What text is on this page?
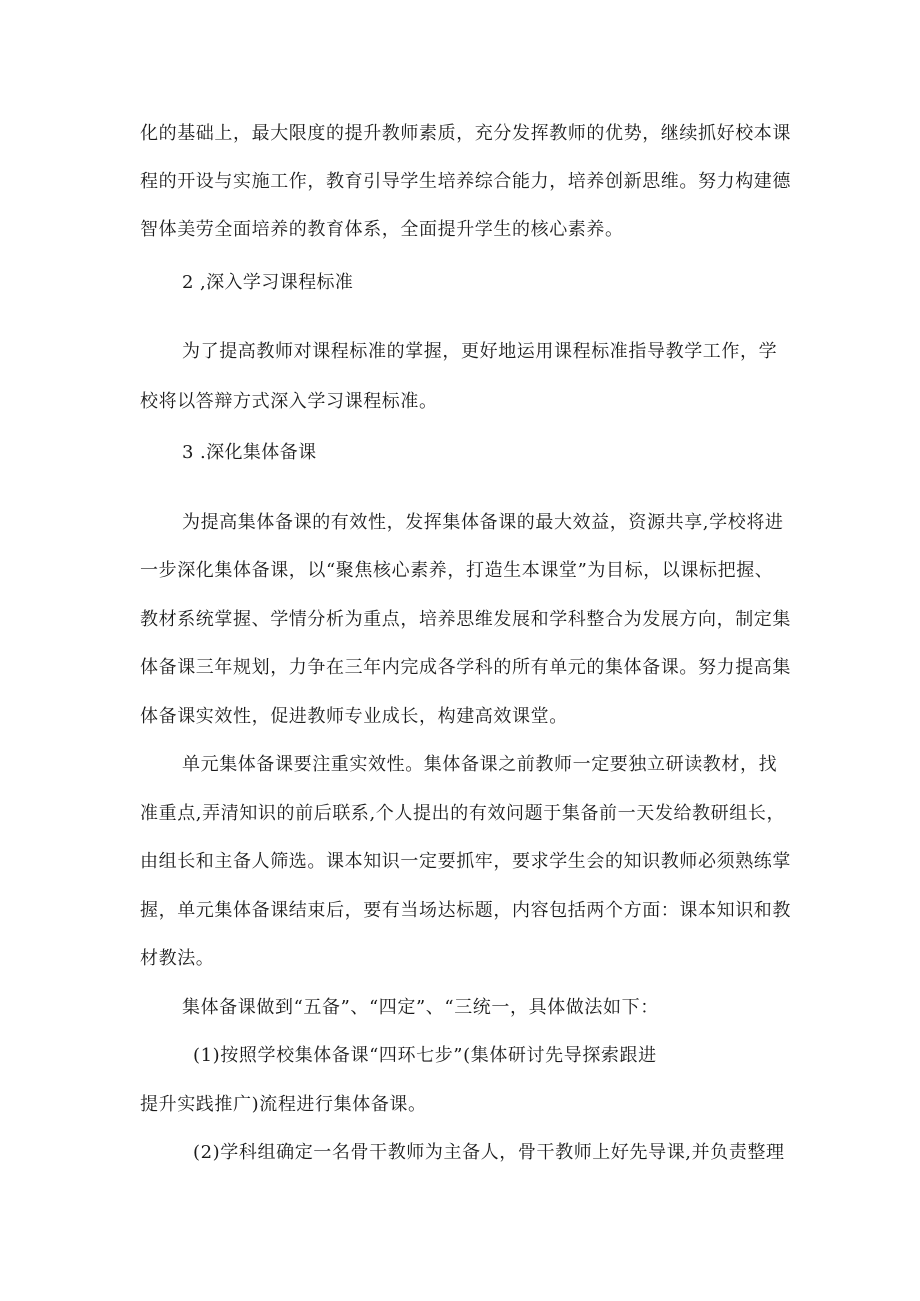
化的基础上，最大限度的提升教师素质，充分发挥教师的优势，继续抓好校本课
程的开设与实施工作，教育引导学生培养综合能力，培养创新思维。努力构建德
智体美劳全面培养的教育体系，全面提升学生的核心素养。
2 ,深入学习课程标准
为了提高教师对课程标准的掌握，更好地运用课程标准指导教学工作，学
校将以答辩方式深入学习课程标准。
3 .深化集体备课
为提高集体备课的有效性，发挥集体备课的最大效益，资源共享,学校将进
一步深化集体备课，以“聚焦核心素养，打造生本课堂”为目标，以课标把握、
教材系统掌握、学情分析为重点，培养思维发展和学科整合为发展方向，制定集
体备课三年规划，力争在三年内完成各学科的所有单元的集体备课。努力提高集
体备课实效性，促进教师专业成长，构建高效课堂。
单元集体备课要注重实效性。集体备课之前教师一定要独立研读教材，找
准重点,弄清知识的前后联系,个人提出的有效问题于集备前一天发给教研组长，
由组长和主备人筛选。课本知识一定要抓牢，要求学生会的知识教师必须熟练掌
握，单元集体备课结束后，要有当场达标题，内容包括两个方面：课本知识和教
材教法。
集体备课做到“五备”、“四定”、“三统一，具体做法如下：
(1)按照学校集体备课“四环七步”(集体研讨先导探索跟进
提升实践推广)流程进行集体备课。
(2)学科组确定一名骨干教师为主备人，骨干教师上好先导课,并负责整理
